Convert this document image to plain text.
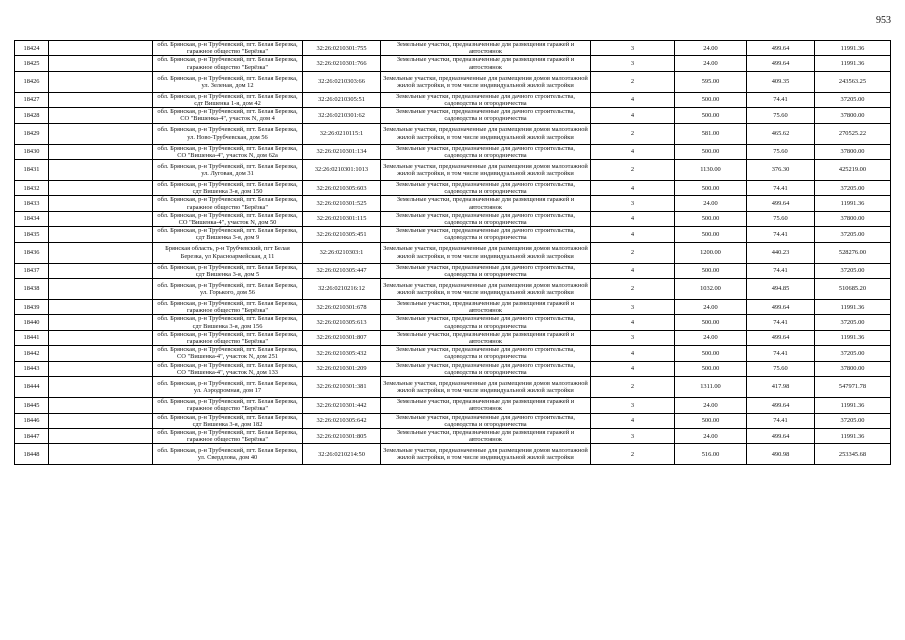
953
18424		обл. Брянская, р-н Трубчевский, пгт. Белая Березка, гаражное общество "Берёзка"	32:26:0210301:755	Земельные участки, предназначенные для размещения гаражей и автостоянок	3	24.00	499.64	11991.36
18425		обл. Брянская, р-н Трубчевский, пгт. Белая Березка, гаражное общество "Берёзка"	32:26:0210301:766	Земельные участки, предназначенные для размещения гаражей и автостоянок	3	24.00	499.64	11991.36
18426		обл. Брянская, р-н Трубчевский, пгт. Белая Березка, ул. Зеленая, дом 12	32:26:0210303:66	Земельные участки, предназначенные для размещения домов малоэтажной жилой застройки, в том числе индивидуальной жилой застройки	2	595.00	409.35	243563.25
18427		обл. Брянская, р-н Трубчевский, пгт. Белая Березка, сдт Вишенка 1-я, дом 42	32:26:0210305:51	Земельные участки, предназначенные для дачного строительства, садоводства и огородничества	4	500.00	74.41	37205.00
18428		обл. Брянская, р-н Трубчевский, пгт. Белая Березка, СО "Вишенка-4", участок N, дом 4	32:26:0210301:62	Земельные участки, предназначенные для дачного строительства, садоводства и огородничества	4	500.00	75.60	37800.00
18429		обл. Брянская, р-н Трубчевский, пгт. Белая Березка, ул. Ново-Трубчевская, дом 56	32:26:0210115:1	Земельные участки, предназначенные для размещения домов малоэтажной жилой застройки, в том числе индивидуальной жилой застройки	2	581.00	465.62	270525.22
18430		обл. Брянская, р-н Трубчевский, пгт. Белая Березка, СО "Вишенка-4", участок N, дом 62а	32:26:0210301:134	Земельные участки, предназначенные для дачного строительства, садоводства и огородничества	4	500.00	75.60	37800.00
18431		обл. Брянская, р-н Трубчевский, пгт. Белая Березка, ул. Луговая, дом 31	32:26:0210301:1013	Земельные участки, предназначенные для размещения домов малоэтажной жилой застройки, в том числе индивидуальной жилой застройки	2	1130.00	376.30	425219.00
18432		обл. Брянская, р-н Трубчевский, пгт. Белая Березка, сдт Вишенка 3-я, дом 150	32:26:0210305:603	Земельные участки, предназначенные для дачного строительства, садоводства и огородничества	4	500.00	74.41	37205.00
18433		обл. Брянская, р-н Трубчевский, пгт. Белая Березка, гаражное общество "Берёзка"	32:26:0210301:525	Земельные участки, предназначенные для размещения гаражей и автостоянок	3	24.00	499.64	11991.36
18434		обл. Брянская, р-н Трубчевский, пгт. Белая Березка, СО "Вишенка-4", участок N, дом 50	32:26:0210301:115	Земельные участки, предназначенные для дачного строительства, садоводства и огородничества	4	500.00	75.60	37800.00
18435		обл. Брянская, р-н Трубчевский, пгт. Белая Березка, сдт Вишенка 3-я, дом 9	32:26:0210305:451	Земельные участки, предназначенные для дачного строительства, садоводства и огородничества	4	500.00	74.41	37205.00
18436		Брянская область, р-н Трубчевский, пгт Белая Березка, ул Красноармейская, д 11	32:26:0210303:1	Земельные участки, предназначенные для размещения домов малоэтажной жилой застройки, в том числе индивидуальной жилой застройки	2	1200.00	440.23	528276.00
18437		обл. Брянская, р-н Трубчевский, пгт. Белая Березка, сдт Вишенка 3-я, дом 5	32:26:0210305:447	Земельные участки, предназначенные для дачного строительства, садоводства и огородничества	4	500.00	74.41	37205.00
18438		обл. Брянская, р-н Трубчевский, пгт. Белая Березка, ул. Горького, дом 56	32:26:0210216:12	Земельные участки, предназначенные для размещения домов малоэтажной жилой застройки, в том числе индивидуальной жилой застройки	2	1032.00	494.85	510685.20
18439		обл. Брянская, р-н Трубчевский, пгт. Белая Березка, гаражное общество "Берёзка"	32:26:0210301:678	Земельные участки, предназначенные для размещения гаражей и автостоянок	3	24.00	499.64	11991.36
18440		обл. Брянская, р-н Трубчевский, пгт. Белая Березка, сдт Вишенка 3-я, дом 156	32:26:0210305:613	Земельные участки, предназначенные для дачного строительства, садоводства и огородничества	4	500.00	74.41	37205.00
18441		обл. Брянская, р-н Трубчевский, пгт. Белая Березка, гаражное общество "Берёзка"	32:26:0210301:807	Земельные участки, предназначенные для размещения гаражей и автостоянок	3	24.00	499.64	11991.36
18442		обл. Брянская, р-н Трубчевский, пгт. Белая Березка, СО "Вишенка-4", участок N, дом 251	32:26:0210305:432	Земельные участки, предназначенные для дачного строительства, садоводства и огородничества	4	500.00	74.41	37205.00
18443		обл. Брянская, р-н Трубчевский, пгт. Белая Березка, СО "Вишенка-4", участок N, дом 133	32:26:0210301:209	Земельные участки, предназначенные для дачного строительства, садоводства и огородничества	4	500.00	75.60	37800.00
18444		обл. Брянская, р-н Трубчевский, пгт. Белая Березка, ул. Аэродромная, дом 17	32:26:0210301:381	Земельные участки, предназначенные для размещения домов малоэтажной жилой застройки, в том числе индивидуальной жилой застройки	2	1311.00	417.98	547971.78
18445		обл. Брянская, р-н Трубчевский, пгт. Белая Березка, гаражное общество "Берёзка"	32:26:0210301:442	Земельные участки, предназначенные для размещения гаражей и автостоянок	3	24.00	499.64	11991.36
18446		обл. Брянская, р-н Трубчевский, пгт. Белая Березка, сдт Вишенка 3-я, дом 182	32:26:0210305:642	Земельные участки, предназначенные для дачного строительства, садоводства и огородничества	4	500.00	74.41	37205.00
18447		обл. Брянская, р-н Трубчевский, пгт. Белая Березка, гаражное общество "Берёзка"	32:26:0210301:805	Земельные участки, предназначенные для размещения гаражей и автостоянок	3	24.00	499.64	11991.36
18448		обл. Брянская, р-н Трубчевский, пгт. Белая Березка, ул. Свердлова, дом 40	32:26:0210214:50	Земельные участки, предназначенные для размещения домов малоэтажной жилой застройки, в том числе индивидуальной жилой застройки	2	516.00	490.98	253345.68
